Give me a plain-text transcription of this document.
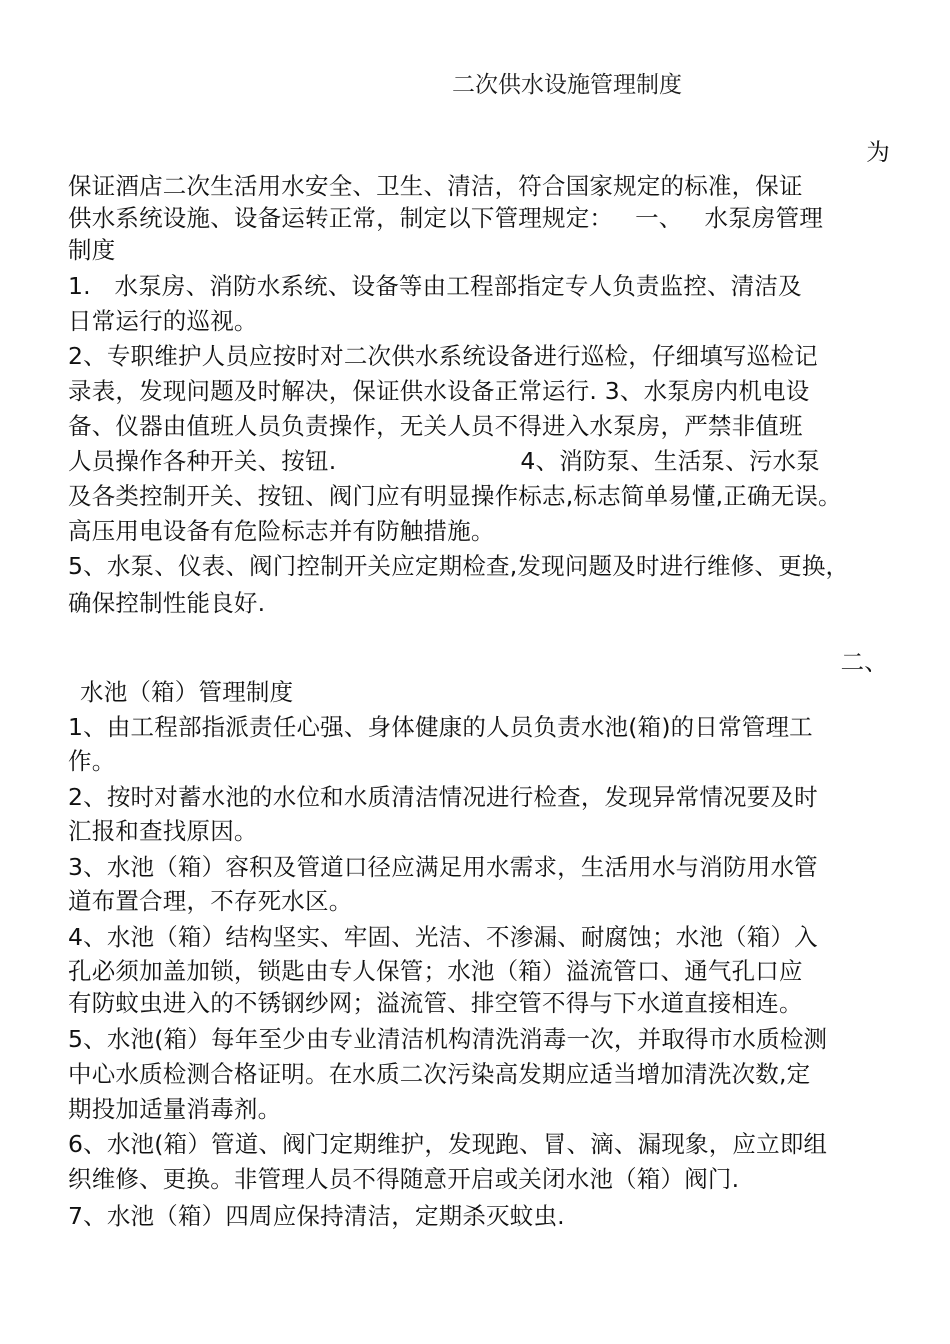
二次供水设施管理制度
为
保证酒店二次生活用水安全、卫生、清洁，符合国家规定的标准，保证
供水系统设施、设备运转正常，制定以下管理规定： 一、 水泵房管理
制度
1.　水泵房、消防水系统、设备等由工程部指定专人负责监控、清洁及
日常运行的巡视。
2、专职维护人员应按时对二次供水系统设备进行巡检，仔细填写巡检记
录表，发现问题及时解决，保证供水设备正常运行. 3、水泵房内机电设
备、仪器由值班人员负责操作，无关人员不得进入水泵房，严禁非值班
人员操作各种开关、按钮.	4、消防泵、生活泵、污水泵
及各类控制开关、按钮、阀门应有明显操作标志,标志简单易懂,正确无误。
高压用电设备有危险标志并有防触措施。
5、水泵、仪表、阀门控制开关应定期检查,发现问题及时进行维修、更换，
确保控制性能良好.
二、
水池（箱）管理制度
1、由工程部指派责任心强、身体健康的人员负责水池(箱)的日常管理工
作。
2、按时对蓄水池的水位和水质清洁情况进行检查，发现异常情况要及时
汇报和查找原因。
3、水池（箱）容积及管道口径应满足用水需求，生活用水与消防用水管
道布置合理，不存死水区。
4、水池（箱）结构坚实、牢固、光洁、不渗漏、耐腐蚀；水池（箱）入
孔必须加盖加锁，锁匙由专人保管；水池（箱）溢流管口、通气孔口应
有防蚊虫进入的不锈钢纱网；溢流管、排空管不得与下水道直接相连。
5、水池(箱）每年至少由专业清洁机构清洗消毒一次，并取得市水质检测
中心水质检测合格证明。在水质二次污染高发期应适当增加清洗次数,定
期投加适量消毒剂。
6、水池(箱）管道、阀门定期维护，发现跑、冒、滴、漏现象，应立即组
织维修、更换。非管理人员不得随意开启或关闭水池（箱）阀门.
7、水池（箱）四周应保持清洁，定期杀灭蚊虫.
